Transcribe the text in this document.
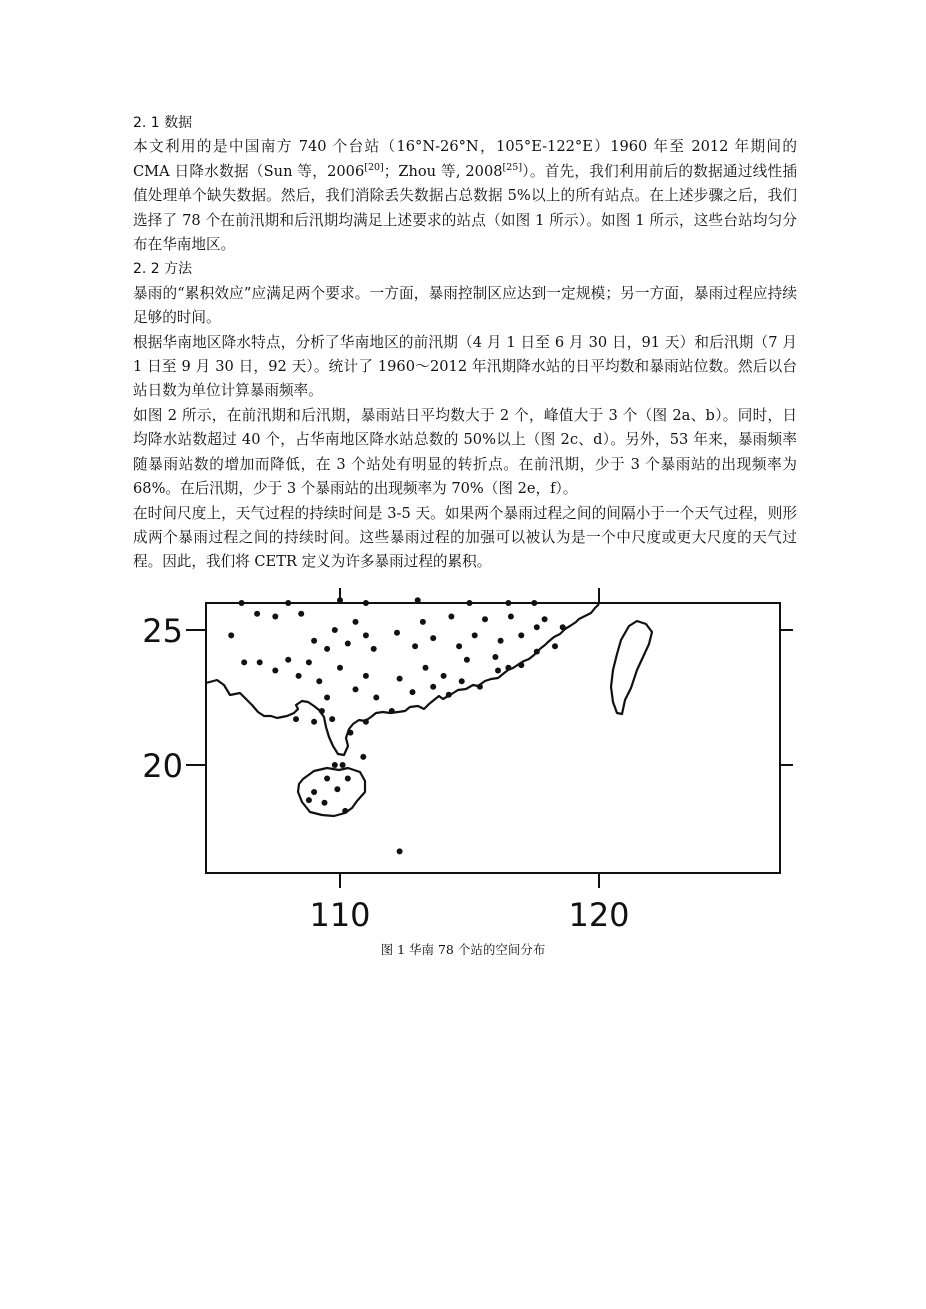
2. 1 数据

本文利用的是中国南方 740 个台站（16°N-26°N，105°E-122°E）1960 年至 2012 年期间的 CMA 日降水数据（Sun 等，2006[20]；Zhou 等, 2008[25]）。首先，我们利用前后的数据通过线性插值处理单个缺失数据。然后，我们消除丢失数据占总数据 5%以上的所有站点。在上述步骤之后，我们选择了 78 个在前汛期和后汛期均满足上述要求的站点（如图 1 所示）。如图 1 所示，这些台站均匀分布在华南地区。

2. 2 方法

暴雨的“累积效应”应满足两个要求。一方面，暴雨控制区应达到一定规模；另一方面，暴雨过程应持续足够的时间。

根据华南地区降水特点，分析了华南地区的前汛期（4 月 1 日至 6 月 30 日，91 天）和后汛期（7 月 1 日至 9 月 30 日，92 天）。统计了 1960～2012 年汛期降水站的日平均数和暴雨站位数。然后以台站日数为单位计算暴雨频率。

如图 2 所示，在前汛期和后汛期，暴雨站日平均数大于 2 个，峰值大于 3 个（图 2a、b）。同时，日均降水站数超过 40 个，占华南地区降水站总数的 50%以上（图 2c、d）。另外，53 年来，暴雨频率随暴雨站数的增加而降低，在 3 个站处有明显的转折点。在前汛期，少于 3 个暴雨站的出现频率为 68%。在后汛期，少于 3 个暴雨站的出现频率为 70%（图 2e，f）。

在时间尺度上，天气过程的持续时间是 3-5 天。如果两个暴雨过程之间的间隔小于一个天气过程，则形成两个暴雨过程之间的持续时间。这些暴雨过程的加强可以被认为是一个中尺度或更大尺度的天气过程。因此，我们将 CETR 定义为许多暴雨过程的累积。

25
20
110	120
图 1 华南 78 个站的空间分布
